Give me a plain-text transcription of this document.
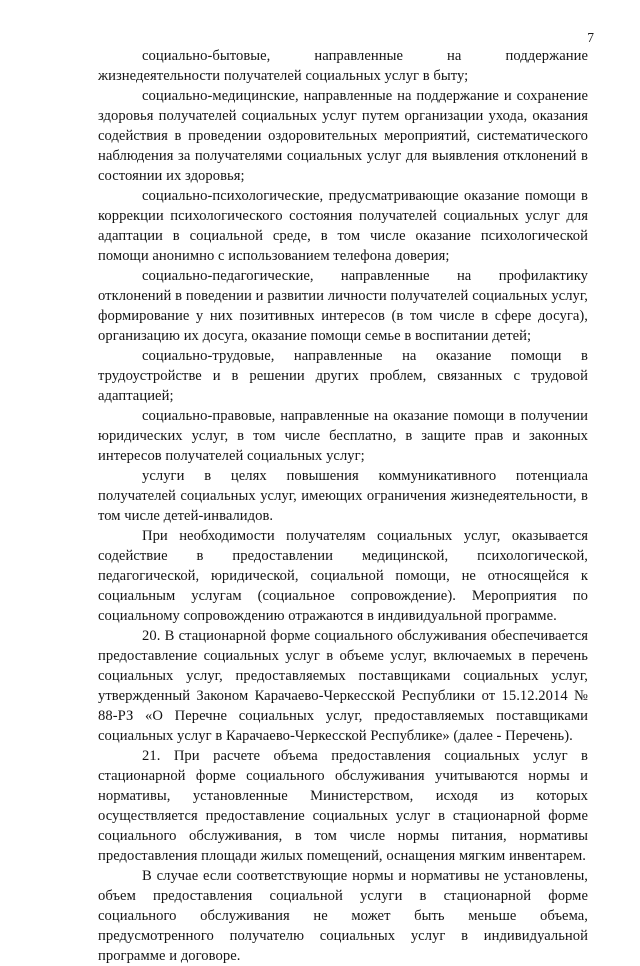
7

социально-бытовые, направленные на поддержание жизнедеятельности получателей социальных услуг в быту;

социально-медицинские, направленные на поддержание и сохранение здоровья получателей социальных услуг путем организации ухода, оказания содействия в проведении оздоровительных мероприятий, систематического наблюдения за получателями социальных услуг для выявления отклонений в состоянии их здоровья;

социально-психологические, предусматривающие оказание помощи в коррекции психологического состояния получателей социальных услуг для адаптации в социальной среде, в том числе оказание психологической помощи анонимно с использованием телефона доверия;

социально-педагогические, направленные на профилактику отклонений в поведении и развитии личности получателей социальных услуг, формирование у них позитивных интересов (в том числе в сфере досуга), организацию их досуга, оказание помощи семье в воспитании детей;

социально-трудовые, направленные на оказание помощи в трудоустройстве и в решении других проблем, связанных с трудовой адаптацией;

социально-правовые, направленные на оказание помощи в получении юридических услуг, в том числе бесплатно, в защите прав и законных интересов получателей социальных услуг;

услуги в целях повышения коммуникативного потенциала получателей социальных услуг, имеющих ограничения жизнедеятельности, в том числе детей-инвалидов.

При необходимости получателям социальных услуг, оказывается содействие в предоставлении медицинской, психологической, педагогической, юридической, социальной помощи, не относящейся к социальным услугам (социальное сопровождение). Мероприятия по социальному сопровождению отражаются в индивидуальной программе.

20. В стационарной форме социального обслуживания обеспечивается предоставление социальных услуг в объеме услуг, включаемых в перечень социальных услуг, предоставляемых поставщиками социальных услуг, утвержденный Законом Карачаево-Черкесской Республики от 15.12.2014 № 88-РЗ «О Перечне социальных услуг, предоставляемых поставщиками социальных услуг в Карачаево-Черкесской Республике» (далее - Перечень).

21. При расчете объема предоставления социальных услуг в стационарной форме социального обслуживания учитываются нормы и нормативы, установленные Министерством, исходя из которых осуществляется предоставление социальных услуг в стационарной форме социального обслуживания, в том числе нормы питания, нормативы предоставления площади жилых помещений, оснащения мягким инвентарем.

В случае если соответствующие нормы и нормативы не установлены, объем предоставления социальной услуги в стационарной форме социального обслуживания не может быть меньше объема, предусмотренного получателю социальных услуг в индивидуальной программе и договоре.
